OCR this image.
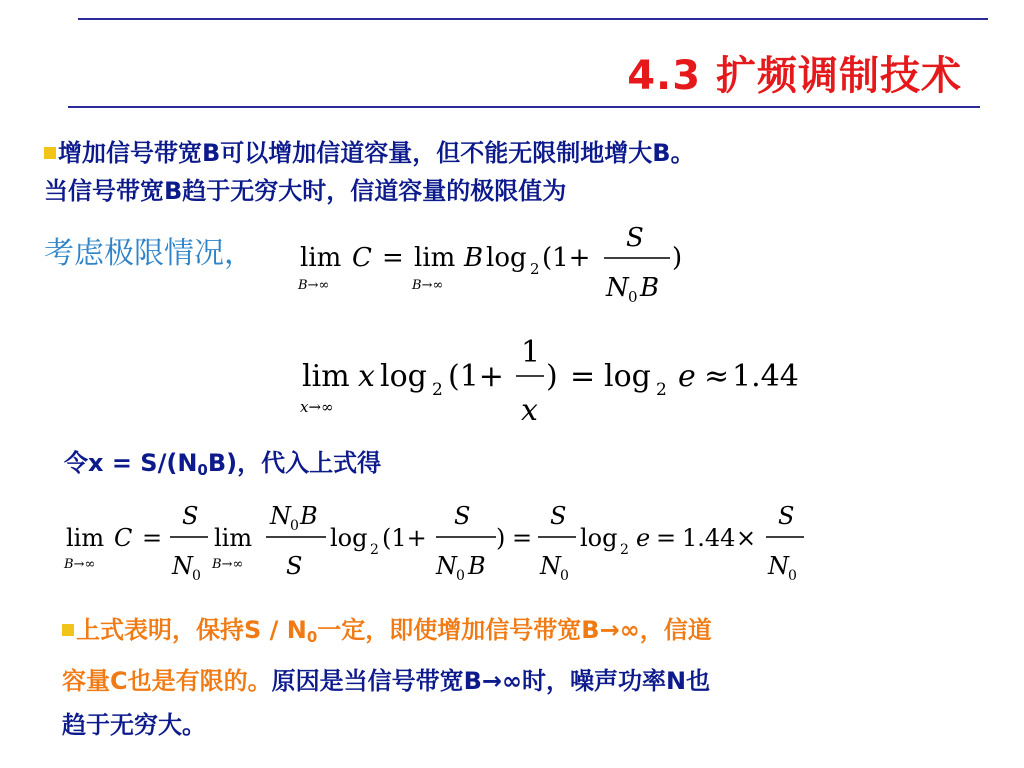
4.3 扩频调制技术
增加信号带宽B可以增加信道容量，但不能无限制地增大B。
当信号带宽B趋于无穷大时，信道容量的极限值为
考虑极限情况， lim
B→∞
C = lim
B→∞
B log 2 (1+
S
N 0 B
)
lim
x→∞
x log 2 (1+
1
x
) = log 2 e ≈ 1.44
令$x = S/(N_0B)$，代入上式得
lim
B→∞
C =
S
N 0
lim
B→∞
N 0 B
S
log 2 (1+
S
N 0 B
) =
S
N 0
log 2 e = 1.44 ×
S
N 0
上式表明，保持S / $N_0$一定，即使增加信号带宽B→∞，信道
容量C也是有限的。原因是当信号带宽B→∞时，噪声功率N也
趋于无穷大。
